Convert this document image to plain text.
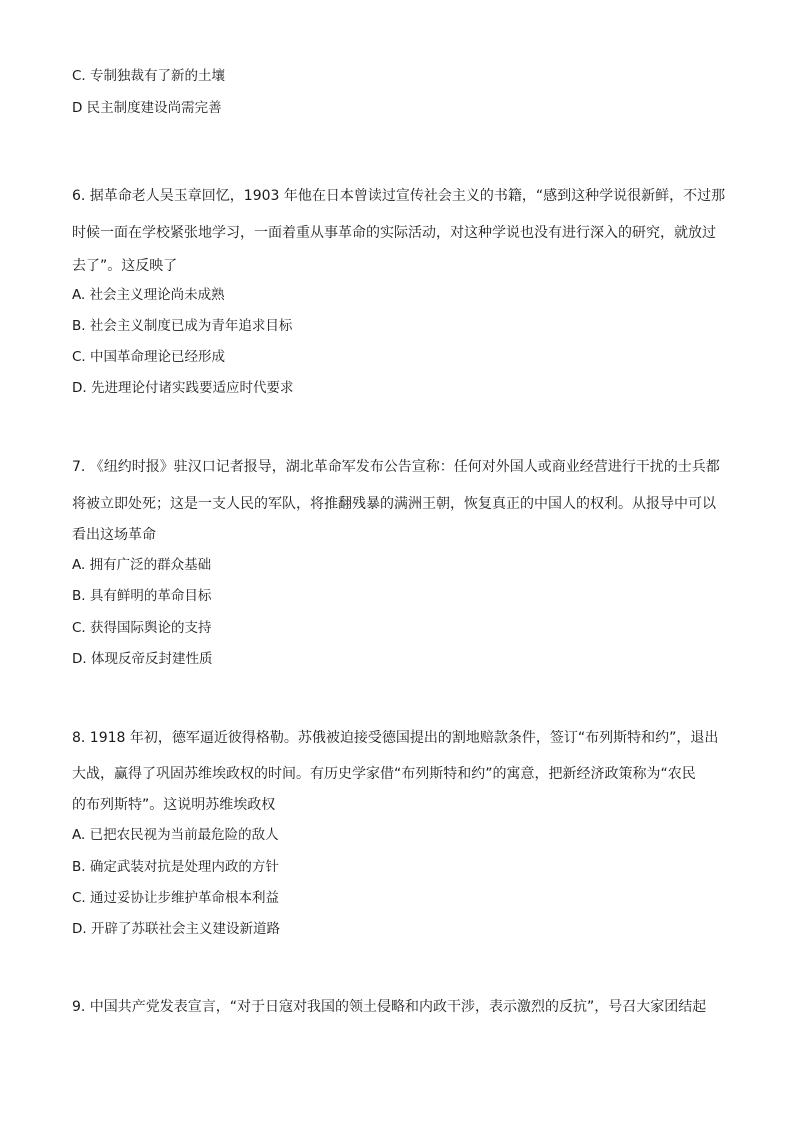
C. 专制独裁有了新的土壤
D 民主制度建设尚需完善
6. 据革命老人吴玉章回忆，1903 年他在日本曾读过宣传社会主义的书籍，“感到这种学说很新鲜，不过那
时候一面在学校紧张地学习，一面着重从事革命的实际活动，对这种学说也没有进行深入的研究，就放过
去了”。这反映了
A. 社会主义理论尚未成熟
B. 社会主义制度已成为青年追求目标
C. 中国革命理论已经形成
D. 先进理论付诸实践要适应时代要求
7. 《纽约时报》驻汉口记者报导，湖北革命军发布公告宣称：任何对外国人或商业经营进行干扰的士兵都
将被立即处死；这是一支人民的军队，将推翻残暴的满洲王朝，恢复真正的中国人的权利。从报导中可以
看出这场革命
A. 拥有广泛的群众基础
B. 具有鲜明的革命目标
C. 获得国际舆论的支持
D. 体现反帝反封建性质
8. 1918 年初，德军逼近彼得格勒。苏俄被迫接受德国提出的割地赔款条件，签订“布列斯特和约”，退出
大战，赢得了巩固苏维埃政权的时间。有历史学家借“布列斯特和约”的寓意，把新经济政策称为“农民
的布列斯特”。这说明苏维埃政权
A. 已把农民视为当前最危险的敌人
B. 确定武装对抗是处理内政的方针
C. 通过妥协让步维护革命根本利益
D. 开辟了苏联社会主义建设新道路
9. 中国共产党发表宣言，“对于日寇对我国的领土侵略和内政干涉，表示激烈的反抗”，号召大家团结起
